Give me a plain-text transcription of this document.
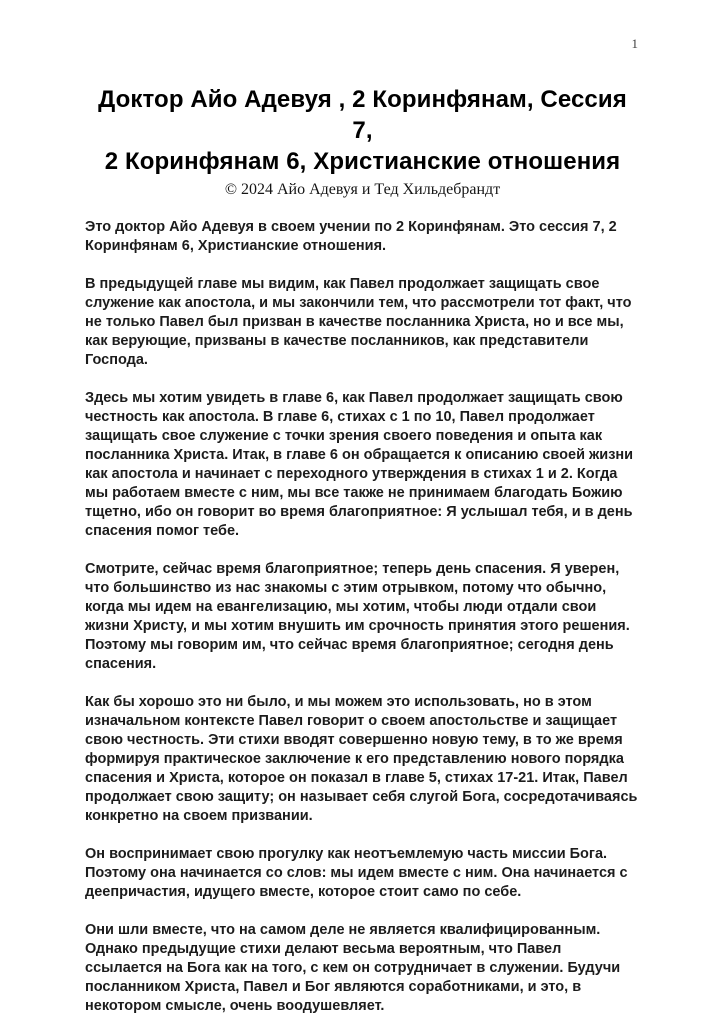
1
Доктор Айо Адевуя , 2 Коринфянам, Сессия 7,
2 Коринфянам 6, Христианские отношения

© 2024 Айо Адевуя и Тед Хильдебрандт

Это доктор Айо Адевуя в своем учении по 2 Коринфянам. Это сессия 7, 2 Коринфянам 6, Христианские отношения.

В предыдущей главе мы видим, как Павел продолжает защищать свое служение как апостола, и мы закончили тем, что рассмотрели тот факт, что не только Павел был призван в качестве посланника Христа, но и все мы, как верующие, призваны в качестве посланников, как представители Господа.

Здесь мы хотим увидеть в главе 6, как Павел продолжает защищать свою честность как апостола. В главе 6, стихах с 1 по 10, Павел продолжает защищать свое служение с точки зрения своего поведения и опыта как посланника Христа. Итак, в главе 6 он обращается к описанию своей жизни как апостола и начинает с переходного утверждения в стихах 1 и 2. Когда мы работаем вместе с ним, мы все также не принимаем благодать Божию тщетно, ибо он говорит во время благоприятное: Я услышал тебя, и в день спасения помог тебе.

Смотрите, сейчас время благоприятное; теперь день спасения. Я уверен, что большинство из нас знакомы с этим отрывком, потому что обычно, когда мы идем на евангелизацию, мы хотим, чтобы люди отдали свои жизни Христу, и мы хотим внушить им срочность принятия этого решения. Поэтому мы говорим им, что сейчас время благоприятное; сегодня день спасения.

Как бы хорошо это ни было, и мы можем это использовать, но в этом изначальном контексте Павел говорит о своем апостольстве и защищает свою честность. Эти стихи вводят совершенно новую тему, в то же время формируя практическое заключение к его представлению нового порядка спасения и Христа, которое он показал в главе 5, стихах 17-21. Итак, Павел продолжает свою защиту; он называет себя слугой Бога, сосредотачиваясь конкретно на своем призвании.

Он воспринимает свою прогулку как неотъемлемую часть миссии Бога. Поэтому она начинается со слов: мы идем вместе с ним. Она начинается с деепричастия, идущего вместе, которое стоит само по себе.

Они шли вместе, что на самом деле не является квалифицированным. Однако предыдущие стихи делают весьма вероятным, что Павел ссылается на Бога как на того, с кем он сотрудничает в служении. Будучи посланником Христа, Павел и Бог являются соработниками, и это, в некотором смысле, очень воодушевляет.
